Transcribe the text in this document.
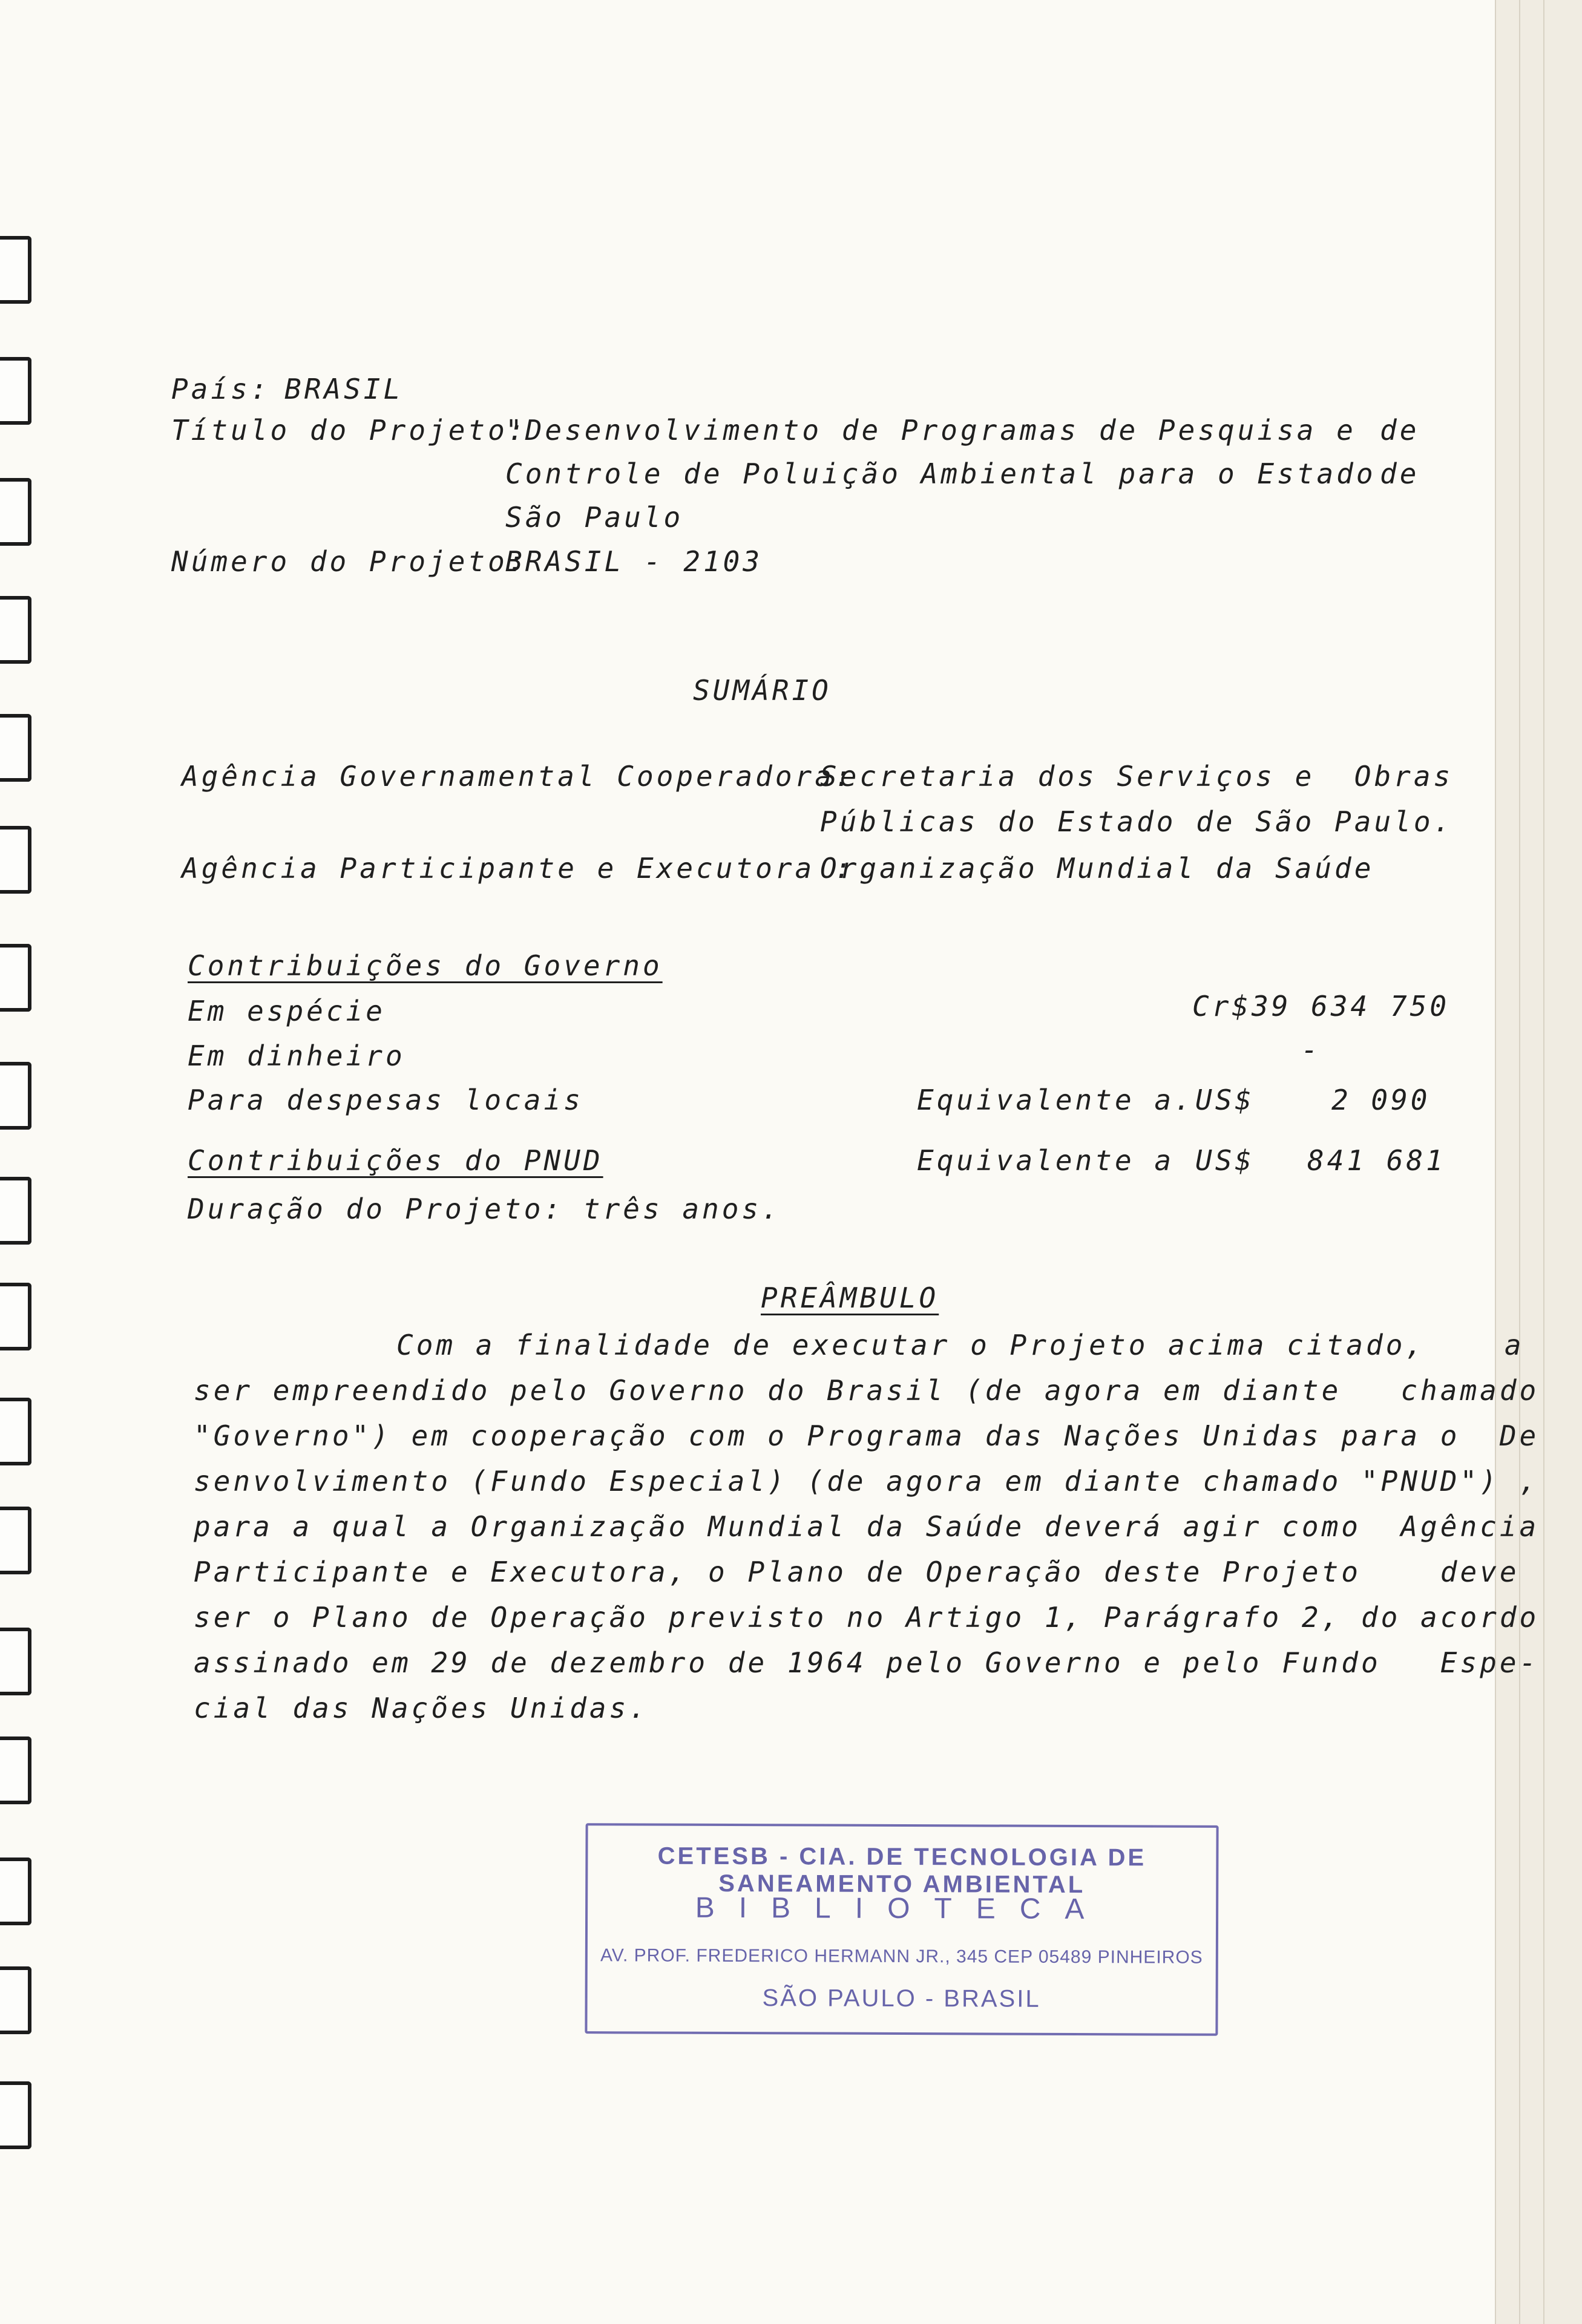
País: BRASIL
Título do Projeto:
"Desenvolvimento de Programas de Pesquisa e de
Controle de Poluição Ambiental para o Estado de
São Paulo
Número do Projeto:
BRASIL - 2103
SUMÁRIO
Agência Governamental Cooperadora:
Secretaria dos Serviços e  Obras
Públicas do Estado de São Paulo.
Agência Participante e Executora :
Organização Mundial da Saúde
Contribuições do Governo
Em espécie	Cr$39 634 750
Em dinheiro	-
Para despesas locais	Equivalente a. US$	2 090
Contribuições do PNUD	Equivalente a US$ 841 681
Duração do Projeto: três anos.
PREÂMBULO
Com a finalidade de executar o Projeto acima citado,    a
ser empreendido pelo Governo do Brasil (de agora em diante   chamado
"Governo") em cooperação com o Programa das Nações Unidas para o  De
senvolvimento (Fundo Especial) (de agora em diante chamado "PNUD") ,
para a qual a Organização Mundial da Saúde deverá agir como  Agência
Participante e Executora, o Plano de Operação deste Projeto    deve
ser o Plano de Operação previsto no Artigo 1, Parágrafo 2, do acordo
assinado em 29 de dezembro de 1964 pelo Governo e pelo Fundo   Espe-
cial das Nações Unidas.
CETESB - CIA. DE TECNOLOGIA DE SANEAMENTO AMBIENTAL
BIBLIOTECA
AV. PROF. FREDERICO HERMANN JR., 345 CEP 05489 PINHEIROS
SÃO PAULO - BRASIL
